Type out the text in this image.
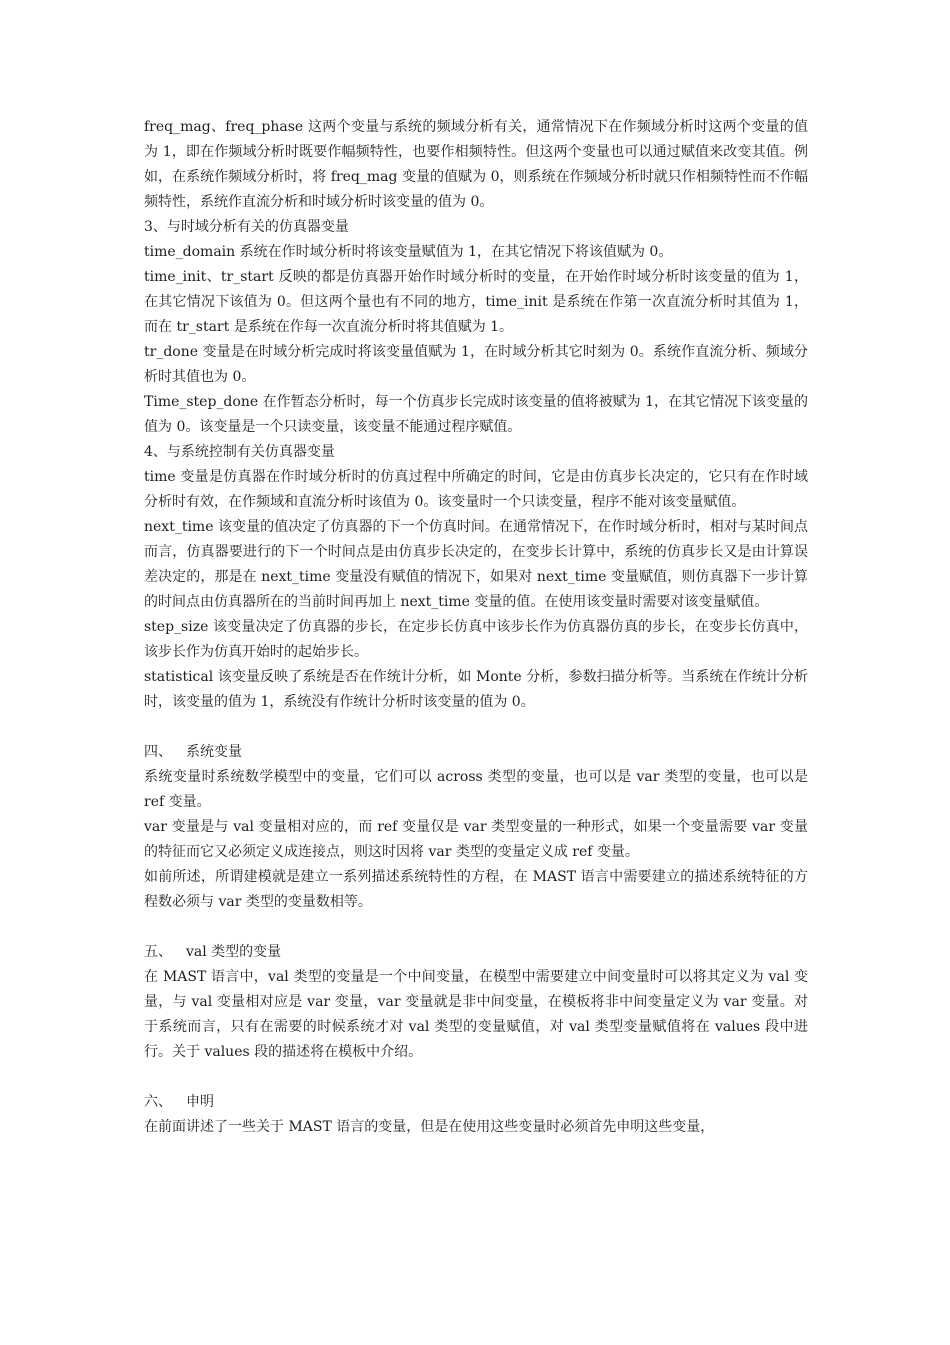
freq_mag、freq_phase 这两个变量与系统的频域分析有关，通常情况下在作频域分析时这两个变量的值为 1，即在作频域分析时既要作幅频特性，也要作相频特性。但这两个变量也可以通过赋值来改变其值。例如，在系统作频域分析时，将 freq_mag 变量的值赋为 0，则系统在作频域分析时就只作相频特性而不作幅频特性，系统作直流分析和时域分析时该变量的值为 0。

3、与时域分析有关的仿真器变量

time_domain 系统在作时域分析时将该变量赋值为 1，在其它情况下将该值赋为 0。

time_init、tr_start 反映的都是仿真器开始作时域分析时的变量，在开始作时域分析时该变量的值为 1，在其它情况下该值为 0。但这两个量也有不同的地方，time_init 是系统在作第一次直流分析时其值为 1，而在 tr_start 是系统在作每一次直流分析时将其值赋为 1。

tr_done 变量是在时域分析完成时将该变量值赋为 1，在时域分析其它时刻为 0。系统作直流分析、频域分析时其值也为 0。

Time_step_done 在作暂态分析时，每一个仿真步长完成时该变量的值将被赋为 1，在其它情况下该变量的值为 0。该变量是一个只读变量，该变量不能通过程序赋值。

4、与系统控制有关仿真器变量

time 变量是仿真器在作时域分析时的仿真过程中所确定的时间，它是由仿真步长决定的，它只有在作时域分析时有效，在作频域和直流分析时该值为 0。该变量时一个只读变量，程序不能对该变量赋值。

next_time 该变量的值决定了仿真器的下一个仿真时间。在通常情况下，在作时域分析时，相对与某时间点而言，仿真器要进行的下一个时间点是由仿真步长决定的，在变步长计算中，系统的仿真步长又是由计算误差决定的，那是在 next_time 变量没有赋值的情况下，如果对 next_time 变量赋值，则仿真器下一步计算的时间点由仿真器所在的当前时间再加上 next_time 变量的值。在使用该变量时需要对该变量赋值。

step_size 该变量决定了仿真器的步长，在定步长仿真中该步长作为仿真器仿真的步长，在变步长仿真中，该步长作为仿真开始时的起始步长。

statistical 该变量反映了系统是否在作统计分析，如 Monte 分析，参数扫描分析等。当系统在作统计分析时，该变量的值为 1，系统没有作统计分析时该变量的值为 0。

四、 系统变量

系统变量时系统数学模型中的变量，它们可以 across 类型的变量，也可以是 var 类型的变量，也可以是 ref 变量。

var 变量是与 val 变量相对应的，而 ref 变量仅是 var 类型变量的一种形式，如果一个变量需要 var 变量的特征而它又必须定义成连接点，则这时因将 var 类型的变量定义成 ref 变量。

如前所述，所谓建模就是建立一系列描述系统特性的方程，在 MAST 语言中需要建立的描述系统特征的方程数必须与 var 类型的变量数相等。

五、 val 类型的变量

在 MAST 语言中，val 类型的变量是一个中间变量，在模型中需要建立中间变量时可以将其定义为 val 变量，与 val 变量相对应是 var 变量，var 变量就是非中间变量，在模板将非中间变量定义为 var 变量。对于系统而言，只有在需要的时候系统才对 val 类型的变量赋值，对 val 类型变量赋值将在 values 段中进行。关于 values 段的描述将在模板中介绍。

六、 申明

在前面讲述了一些关于 MAST 语言的变量，但是在使用这些变量时必须首先申明这些变量，
